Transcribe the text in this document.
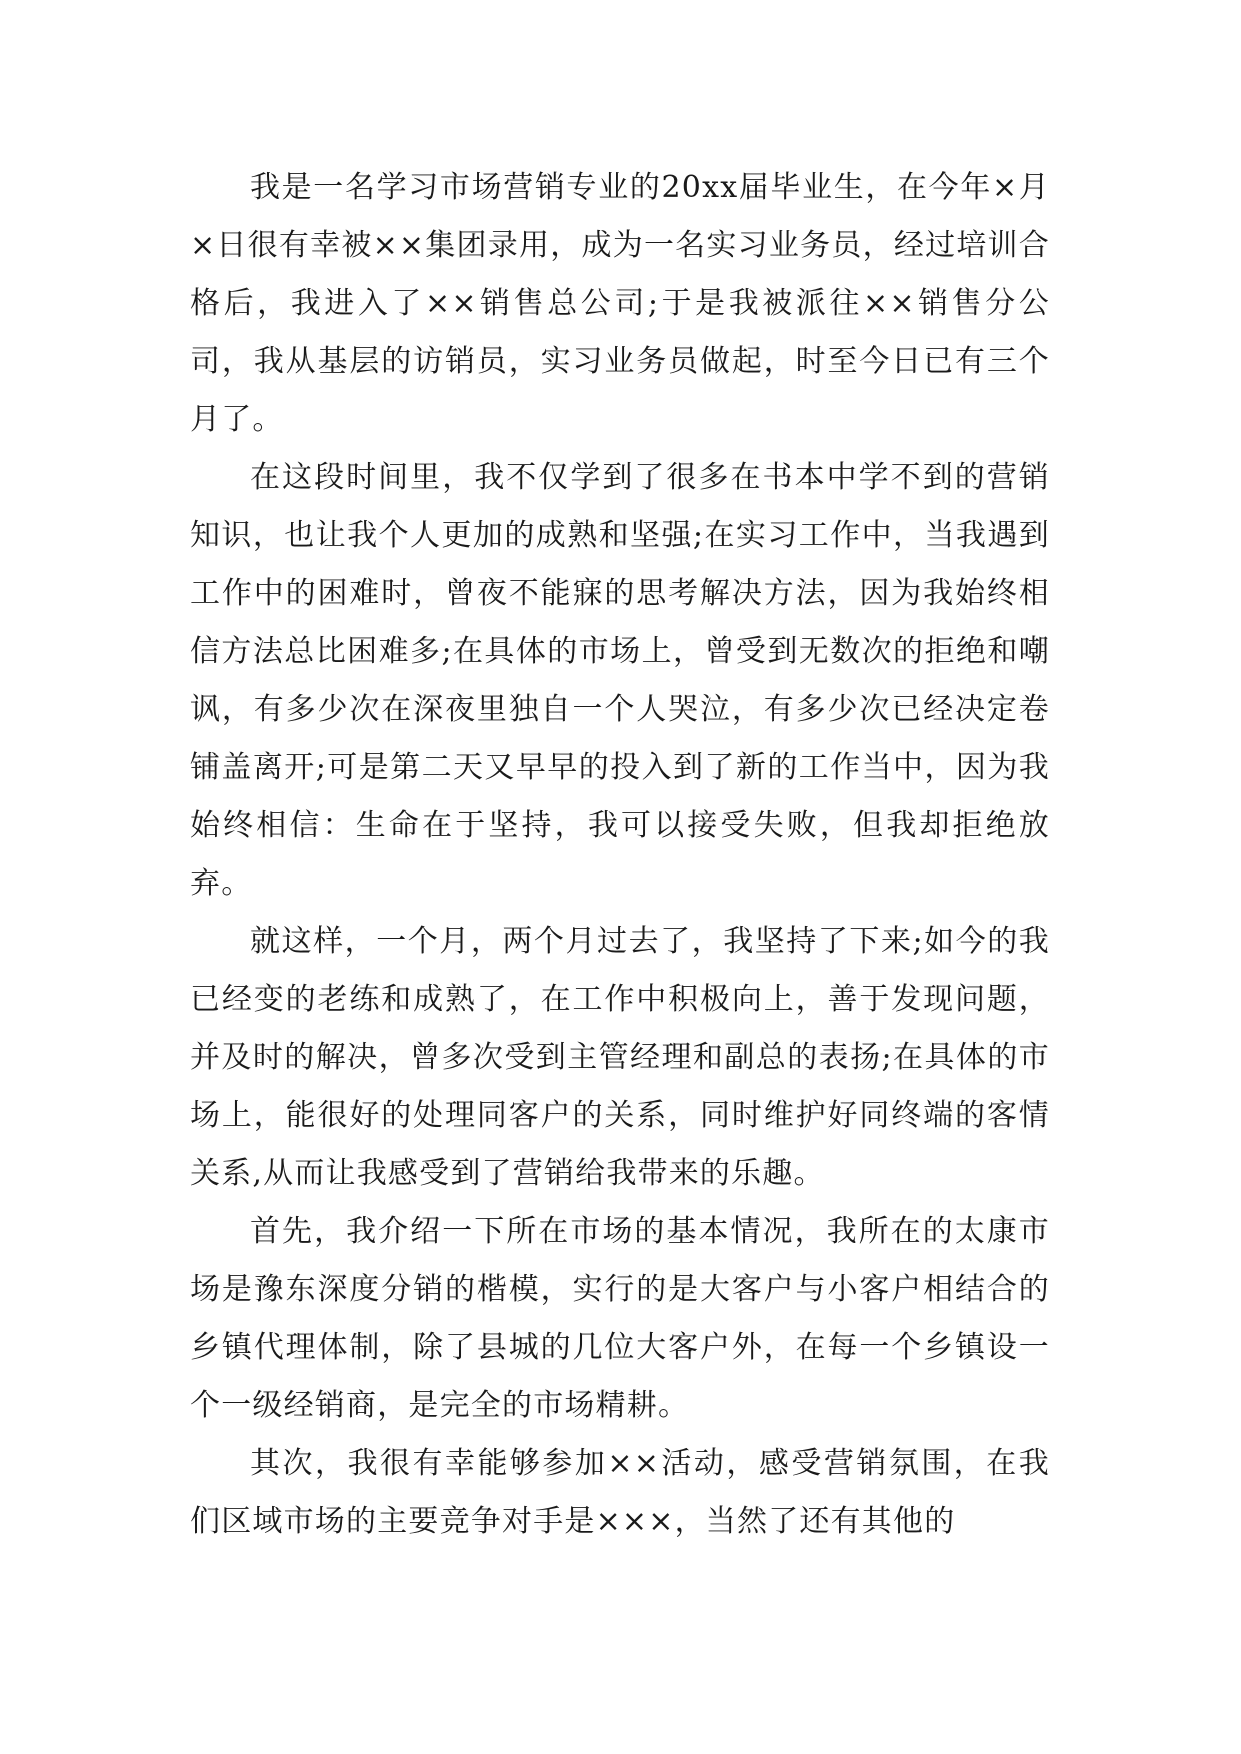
我是一名学习市场营销专业的20xx届毕业生，在今年×月×日很有幸被××集团录用，成为一名实习业务员，经过培训合格后，我进入了××销售总公司;于是我被派往××销售分公司，我从基层的访销员，实习业务员做起，时至今日已有三个月了。

在这段时间里，我不仅学到了很多在书本中学不到的营销知识，也让我个人更加的成熟和坚强;在实习工作中，当我遇到工作中的困难时，曾夜不能寐的思考解决方法，因为我始终相信方法总比困难多;在具体的市场上，曾受到无数次的拒绝和嘲讽，有多少次在深夜里独自一个人哭泣，有多少次已经决定卷铺盖离开;可是第二天又早早的投入到了新的工作当中，因为我始终相信：生命在于坚持，我可以接受失败，但我却拒绝放弃。

就这样，一个月，两个月过去了，我坚持了下来;如今的我已经变的老练和成熟了，在工作中积极向上，善于发现问题，并及时的解决，曾多次受到主管经理和副总的表扬;在具体的市场上，能很好的处理同客户的关系，同时维护好同终端的客情关系,从而让我感受到了营销给我带来的乐趣。

首先，我介绍一下所在市场的基本情况，我所在的太康市场是豫东深度分销的楷模，实行的是大客户与小客户相结合的乡镇代理体制，除了县城的几位大客户外，在每一个乡镇设一个一级经销商，是完全的市场精耕。

其次，我很有幸能够参加××活动，感受营销氛围，在我们区域市场的主要竞争对手是×××，当然了还有其他的
